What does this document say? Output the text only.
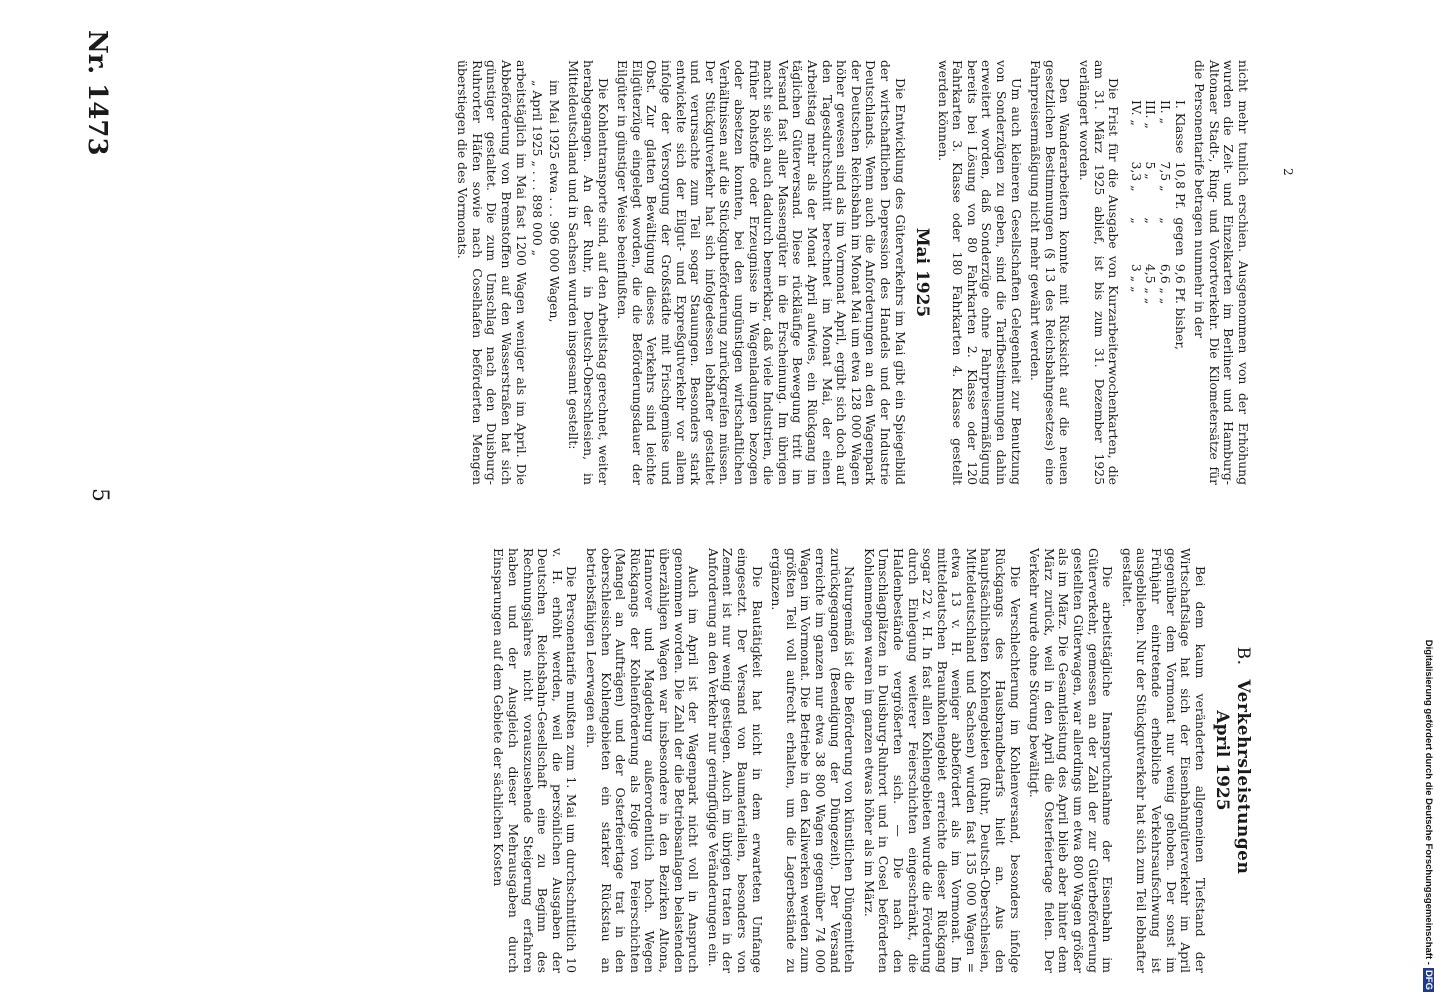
5
Nr. 1473
2
B.Verkehrsleistungen
April 1925

Bei dem kaum veränderten allgemeinen Tiefstand der Wirtschaftslage hat sich der Eisenbahngüterverkehr im April gegenüber dem Vormonat nur wenig gehoben. Der sonst im Frühjahr eintretende erhebliche Verkehrsaufschwung ist ausgeblieben. Nur der Stückgutverkehr hat sich zum Teil lebhafter gestaltet.

Die arbeitstägliche Inanspruchnahme der Eisenbahn im Güterverkehr, gemessen an der Zahl der zur Güterbeförderung gestellten Güterwagen, war allerdings um etwa 800 Wagen größer als im März. Die Gesamtleistung des April blieb aber hinter dem März zurück, weil in den April die Osterfeiertage fielen. Der Verkehr wurde ohne Störung bewältigt.

Die Verschlechterung im Kohlenversand, besonders infolge Rückgangs des Hausbrandbedarfs hielt an. Aus den hauptsächlichsten Kohlengebieten (Ruhr, Deutsch-Oberschlesien, Mitteldeutschland und Sachsen) wurden fast 135 000 Wagen = etwa 13 v. H. weniger abbefördert als im Vormonat. Im mitteldeutschen Braunkohlengebiet erreichte dieser Rückgang sogar 22 v. H. In fast allen Kohlengebieten wurde die Förderung durch Einlegung weiterer Feierschichten eingeschränkt, die Haldenbestände vergrößerten sich. — Die nach den Umschlagplätzen in Duisburg-Ruhrort und in Cosel beförderten Kohlenmengen waren im ganzen etwas höher als im März.

Naturgemäß ist die Beförderung von künstlichen Düngemitteln zurückgegangen (Beendigung der Düngezeit). Der Versand erreichte im ganzen nur etwa 38 800 Wagen gegenüber 74 000 Wagen im Vormonat. Die Betriebe in den Kaliwerken werden zum größten Teil voll aufrecht erhalten, um die Lagerbestände zu ergänzen.

Die Bautätigkeit hat nicht in dem erwarteten Umfange eingesetzt. Der Versand von Baumaterialien, besonders von Zement ist nur wenig gestiegen. Auch im übrigen traten in der Anforderung an den Verkehr nur geringfügige Veränderungen ein.

Auch im April ist der Wagenpark nicht voll in Anspruch genommen worden. Die Zahl der die Betriebsanlagen belastenden überzähligen Wagen war insbesondere in den Bezirken Altona, Hannover und Magdeburg außerordentlich hoch. Wegen Rückgangs der Kohlenförderung als Folge von Feierschichten (Mangel an Aufträgen) und der Osterfeiertage trat in den oberschlesischen Kohlengebieten ein starker Rückstau an betriebsfähigen Leerwagen ein.

Die Personentarife mußten zum 1. Mai um durchschnittlich 10 v. H. erhöht werden, weil die persönlichen Ausgaben der Deutschen Reichsbahn-Gesellschaft eine zu Beginn des Rechnungsjahres nicht vorauszusehende Steigerung erfahren haben und der Ausgleich dieser Mehrausgaben durch Einsparungen auf dem Gebiete der sächlichen Kosten

nicht mehr tunlich erschien. Ausgenommen von der Erhöhung wurden die Zeit- und Einzelkarten im Berliner und Hamburg-Altonaer Stadt-, Ring- und Vorortverkehr. Die Kilometersätze für die Personentarife betragen nunmehr in der

I. Klasse	10,8 Pf.	gegen	9,6 Pf. bisher,
II. „	7,5 „	„	6,6 „ „
III. „	5 „	„	4,5 „ „
IV. „	3,3 „	„	3 „ „

Die Frist für die Ausgabe von Kurzarbeiterwochenkarten, die am 31. März 1925 ablief, ist bis zum 31. Dezember 1925 verlängert worden.

Den Wanderarbeitern konnte mit Rücksicht auf die neuen gesetzlichen Bestimmungen (§ 13 des Reichsbahngesetzes) eine Fahrpreisermäßigung nicht mehr gewährt werden.

Um auch kleineren Gesellschaften Gelegenheit zur Benutzung von Sonderzügen zu geben, sind die Tarifbestimmungen dahin erweitert worden, daß Sonderzüge ohne Fahrpreisermäßigung bereits bei Lösung von 80 Fahrkarten 2. Klasse oder 120 Fahrkarten 3. Klasse oder 180 Fahrkarten 4. Klasse gestellt werden können.

Mai 1925

Die Entwicklung des Güterverkehrs im Mai gibt ein Spiegelbild der wirtschaftlichen Depression des Handels und der Industrie Deutschlands. Wenn auch die Anforderungen an den Wagenpark der Deutschen Reichsbahn im Monat Mai um etwa 128 000 Wagen höher gewesen sind als im Vormonat April, ergibt sich doch auf den Tagesdurchschnitt berechnet im Monat Mai, der einen Arbeitstag mehr als der Monat April aufwies, ein Rückgang im täglichen Güterversand. Diese rückläufige Bewegung tritt im Versand fast aller Massengüter in die Erscheinung. Im übrigen macht sie sich auch dadurch bemerkbar, daß viele Industrien, die früher Rohstoffe oder Erzeugnisse in Wagenladungen bezogen oder absetzen konnten, bei den ungünstigen wirtschaftlichen Verhältnissen auf die Stückgutbeförderung zurückgreifen müssen. Der Stückgutverkehr hat sich infolgedessen lebhafter gestaltet und verursachte zum Teil sogar Stauungen. Besonders stark entwickelte sich der Eilgut- und Expreßgutverkehr vor allem infolge der Versorgung der Großstädte mit Frischgemüse und Obst. Zur glatten Bewältigung dieses Verkehrs sind leichte Eilgüterzüge eingelegt worden, die die Beförderungsdauer der Eilgüter in günstiger Weise beeinflußten.

Die Kohlentransporte sind, auf den Arbeitstag gerechnet, weiter herabgegangen. An der Ruhr, in Deutsch-Oberschlesien, in Mitteldeutschland und in Sachsen wurden insgesamt gestellt:

im Mai 1925 etwa . . . 906 000 Wagen,
„ April 1925 „ . . . 898 000 „

arbeitstäglich im Mai fast 1200 Wagen weniger als im April. Die Abbeförderung von Bremstoffen auf den Wasserstraßen hat sich günstiger gestaltet. Die zum Umschlag nach den Duisburg-Ruhrorter Häfen sowie nach Coselhafen beförderten Mengen überstiegen die des Vormonats.

Digitalisierung gefördert durch die Deutsche Forschungsgemeinschaft -DFG
